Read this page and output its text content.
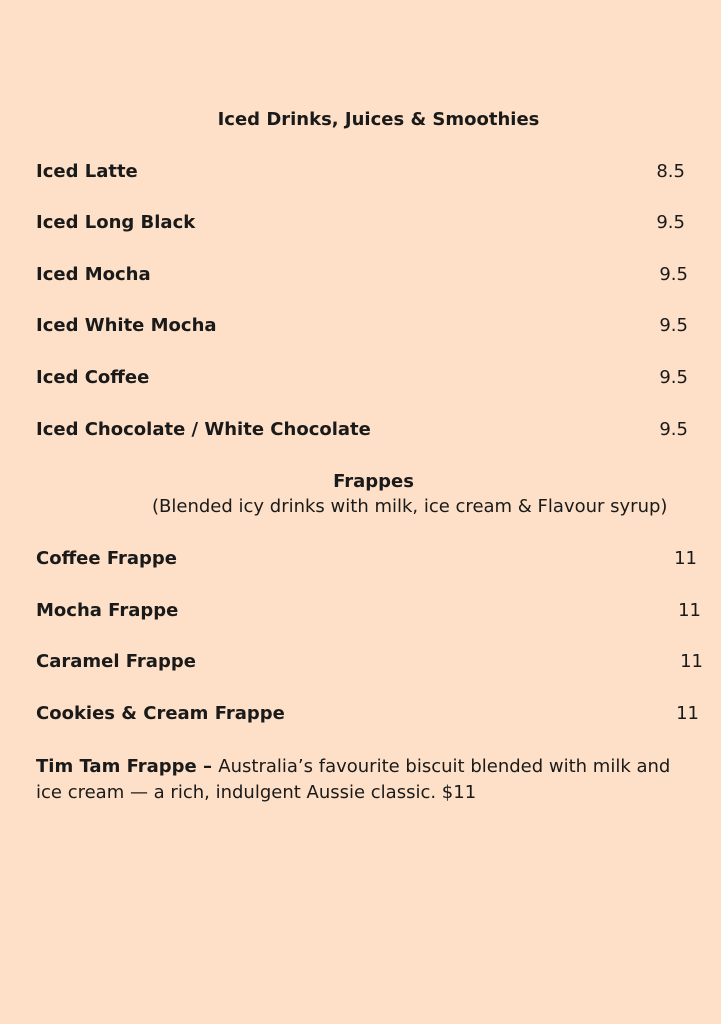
Iced Drinks, Juices & Smoothies
Iced Latte	8.5
Iced Long Black	9.5
Iced Mocha	9.5
Iced White Mocha	9.5
Iced Coffee	9.5
Iced Chocolate / White Chocolate	9.5
Frappes
(Blended icy drinks with milk, ice cream & Flavour syrup)
Coffee Frappe	11
Mocha Frappe	11
Caramel Frappe	11
Cookies & Cream Frappe	11
Tim Tam Frappe – Australia’s favourite biscuit blended with milk and ice cream — a rich, indulgent Aussie classic. $11
